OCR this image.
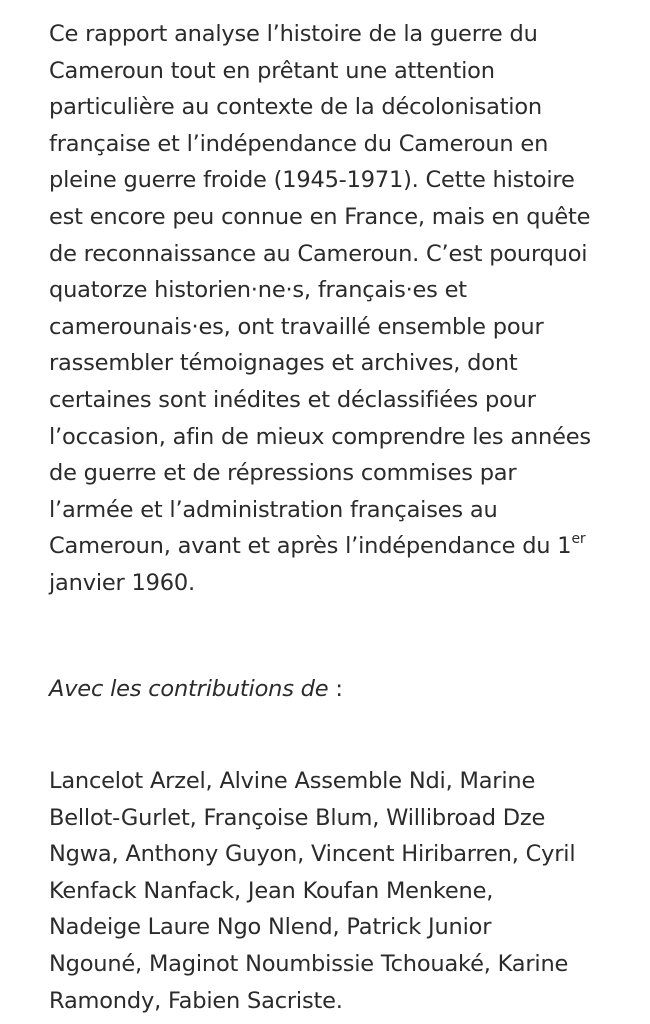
Ce rapport analyse l’histoire de la guerre du
Cameroun tout en prêtant une attention
particulière au contexte de la décolonisation
française et l’indépendance du Cameroun en
pleine guerre froide (1945-1971). Cette histoire
est encore peu connue en France, mais en quête
de reconnaissance au Cameroun. C’est pourquoi
quatorze historien·ne·s, français·es et
camerounais·es, ont travaillé ensemble pour
rassembler témoignages et archives, dont
certaines sont inédites et déclassifiées pour
l’occasion, afin de mieux comprendre les années
de guerre et de répressions commises par
l’armée et l’administration françaises au
Cameroun, avant et après l’indépendance du 1er
janvier 1960.

Avec les contributions de :

Lancelot Arzel, Alvine Assemble Ndi, Marine
Bellot-Gurlet, Françoise Blum, Willibroad Dze
Ngwa, Anthony Guyon, Vincent Hiribarren, Cyril
Kenfack Nanfack, Jean Koufan Menkene,
Nadeige Laure Ngo Nlend, Patrick Junior
Ngouné, Maginot Noumbissie Tchouaké, Karine
Ramondy, Fabien Sacriste.
